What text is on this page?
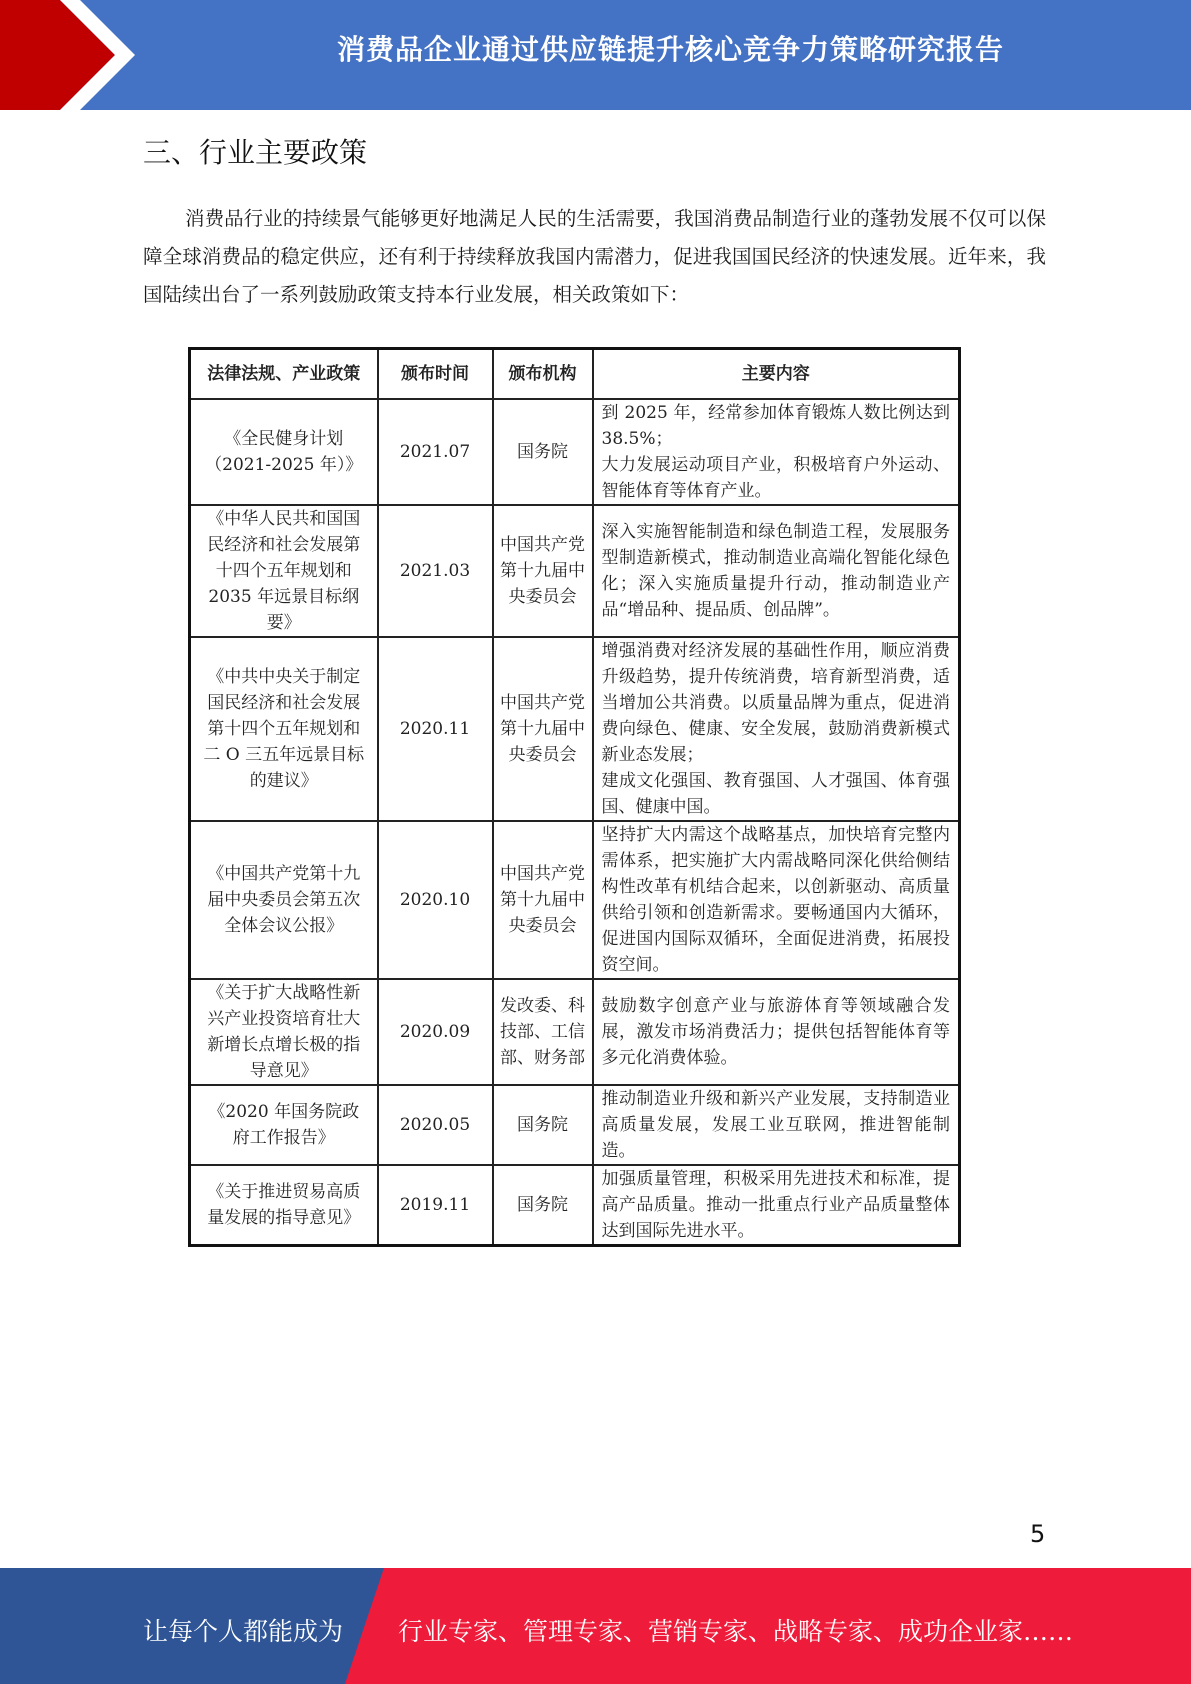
消费品企业通过供应链提升核心竞争力策略研究报告
三、行业主要政策

消费品行业的持续景气能够更好地满足人民的生活需要，我国消费品制造行业的蓬勃发展不仅可以保障全球消费品的稳定供应，还有利于持续释放我国内需潜力，促进我国国民经济的快速发展。近年来，我国陆续出台了一系列鼓励政策支持本行业发展，相关政策如下：

法律法规、产业政策	颁布时间	颁布机构	主要内容
《全民健身计划（2021-2025 年）》	2021.07	国务院	到 2025 年，经常参加体育锻炼人数比例达到 38.5%；
大力发展运动项目产业，积极培育户外运动、智能体育等体育产业。

《中华人民共和国国民经济和社会发展第十四个五年规划和 2035 年远景目标纲要》	2021.03	中国共产党第十九届中央委员会	深入实施智能制造和绿色制造工程，发展服务型制造新模式，推动制造业高端化智能化绿色化；深入实施质量提升行动，推动制造业产品“增品种、提品质、创品牌”。

《中共中央关于制定国民经济和社会发展第十四个五年规划和二 O 三五年远景目标的建议》	2020.11	中国共产党第十九届中央委员会	增强消费对经济发展的基础性作用，顺应消费升级趋势，提升传统消费，培育新型消费，适当增加公共消费。以质量品牌为重点，促进消费向绿色、健康、安全发展，鼓励消费新模式新业态发展；
建成文化强国、教育强国、人才强国、体育强国、健康中国。

《中国共产党第十九届中央委员会第五次全体会议公报》	2020.10	中国共产党第十九届中央委员会	坚持扩大内需这个战略基点，加快培育完整内需体系，把实施扩大内需战略同深化供给侧结构性改革有机结合起来，以创新驱动、高质量供给引领和创造新需求。要畅通国内大循环，促进国内国际双循环，全面促进消费，拓展投资空间。

《关于扩大战略性新兴产业投资培育壮大新增长点增长极的指导意见》	2020.09	发改委、科技部、工信部、财务部	鼓励数字创意产业与旅游体育等领域融合发展，激发市场消费活力；提供包括智能体育等多元化消费体验。

《2020 年国务院政府工作报告》	2020.05	国务院	推动制造业升级和新兴产业发展，支持制造业高质量发展，发展工业互联网，推进智能制造。

《关于推进贸易高质量发展的指导意见》	2019.11	国务院	加强质量管理，积极采用先进技术和标准，提高产品质量。推动一批重点行业产品质量整体达到国际先进水平。
5
让每个人都能成为 行业专家、管理专家、营销专家、战略专家、成功企业家……
